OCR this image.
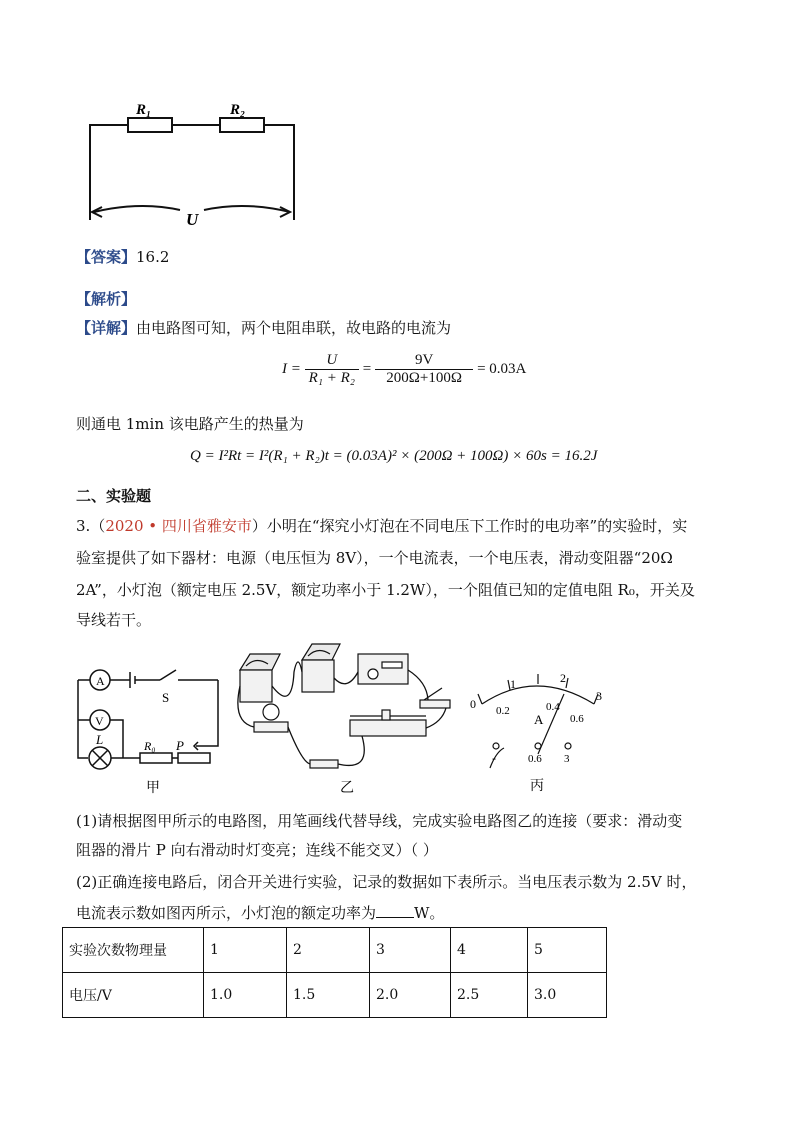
R₁	R₂
U
【答案】16.2
【解析】
【详解】由电路图可知，两个电阻串联，故电路的电流为
$I = \frac{U}{\text{R₁ + R₂}} = \frac{9V}{200\Omega+100\Omega} = 0.03A$
则通电 1min 该电路产生的热量为
Q = I²Rt = I²(R₁ + R₂)t = (0.03A)² × (200Ω + 100Ω) × 60s = 16.2J
二、实验题
3.（2020 • 四川省雅安市）小明在“探究小灯泡在不同电压下工作时的电功率”的实验时，实
验室提供了如下器材：电源（电压恒为 8V），一个电流表，一个电压表，滑动变阻器“20Ω
2A”，小灯泡（额定电压 2.5V，额定功率小于 1.2W），一个阻值已知的定值电阻 R₀，开关及
导线若干。
A
V
L
S
R₀ P
甲	乙
0
1	2
3
0.2	0.4
0.6
A
-	0.6 3
丙
(1)请根据图甲所示的电路图，用笔画线代替导线，完成实验电路图乙的连接（要求：滑动变
阻器的滑片 P 向右滑动时灯变亮；连线不能交叉）（ ）
(2)正确连接电路后，闭合开关进行实验，记录的数据如下表所示。当电压表示数为 2.5V 时，
电流表示数如图丙所示，小灯泡的额定功率为	W。
实验次数物理量	1	2	3	4	5
电压/V	1.0	1.5	2.0	2.5	3.0
